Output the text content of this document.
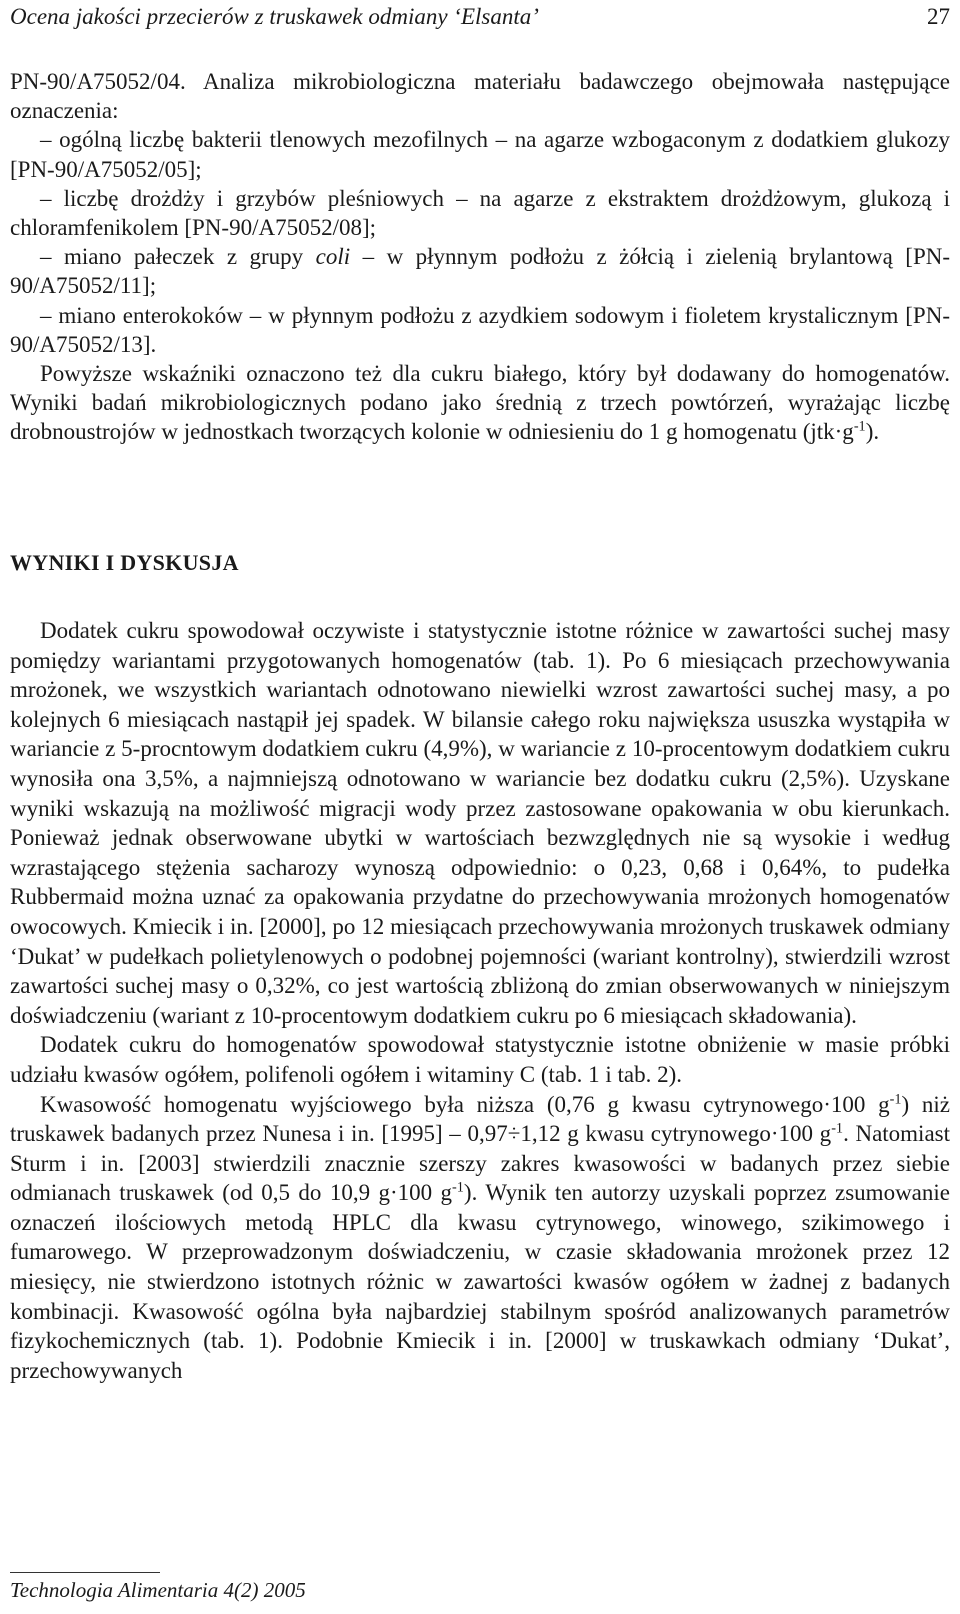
Ocena jakości przecierów z truskawek odmiany ‘Elsanta’	27

PN-90/A75052/04. Analiza mikrobiologiczna materiału badawczego obejmowała następujące oznaczenia:

– ogólną liczbę bakterii tlenowych mezofilnych – na agarze wzbogaconym z dodatkiem glukozy [PN-90/A75052/05];

– liczbę drożdży i grzybów pleśniowych – na agarze z ekstraktem drożdżowym, glukozą i chloramfenikolem [PN-90/A75052/08];

– miano pałeczek z grupy coli – w płynnym podłożu z żółcią i zielenią brylantową [PN-90/A75052/11];

– miano enterokoków – w płynnym podłożu z azydkiem sodowym i fioletem krystalicznym [PN-90/A75052/13].

Powyższe wskaźniki oznaczono też dla cukru białego, który był dodawany do homogenatów. Wyniki badań mikrobiologicznych podano jako średnią z trzech powtórzeń, wyrażając liczbę drobnoustrojów w jednostkach tworzących kolonie w odniesieniu do 1 g homogenatu $(jtk\cdot g^{-1})$.

WYNIKI I DYSKUSJA

Dodatek cukru spowodował oczywiste i statystycznie istotne różnice w zawartości suchej masy pomiędzy wariantami przygotowanych homogenatów (tab. 1). Po 6 miesiącach przechowywania mrożonek, we wszystkich wariantach odnotowano niewielki wzrost zawartości suchej masy, a po kolejnych 6 miesiącach nastąpił jej spadek. W bilansie całego roku największa ususzka wystąpiła w wariancie z 5-procntowym dodatkiem cukru (4,9%), w wariancie z 10-procentowym dodatkiem cukru wynosiła ona 3,5%, a najmniejszą odnotowano w wariancie bez dodatku cukru (2,5%). Uzyskane wyniki wskazują na możliwość migracji wody przez zastosowane opakowania w obu kierunkach. Ponieważ jednak obserwowane ubytki w wartościach bezwzględnych nie są wysokie i według wzrastającego stężenia sacharozy wynoszą odpowiednio: o 0,23, 0,68 i 0,64%, to pudełka Rubbermaid można uznać za opakowania przydatne do przechowywania mrożonych homogenatów owocowych. Kmiecik i in. [2000], po 12 miesiącach przechowywania mrożonych truskawek odmiany ‘Dukat’ w pudełkach polietylenowych o podobnej pojemności (wariant kontrolny), stwierdzili wzrost zawartości suchej masy o 0,32%, co jest wartością zbliżoną do zmian obserwowanych w niniejszym doświadczeniu (wariant z 10-procentowym dodatkiem cukru po 6 miesiącach składowania).

Dodatek cukru do homogenatów spowodował statystycznie istotne obniżenie w masie próbki udziału kwasów ogółem, polifenoli ogółem i witaminy C (tab. 1 i tab. 2).

Kwasowość homogenatu wyjściowego była niższa (0,76 g kwasu cytrynowego·100 $g^{-1}$) niż truskawek badanych przez Nunesa i in. [1995] – 0,97÷1,12 g kwasu cytrynowego·100 $g^{-1}$. Natomiast Sturm i in. [2003] stwierdzili znacznie szerszy zakres kwasowości w badanych przez siebie odmianach truskawek (od 0,5 do 10,9 g·100 $g^{-1}$). Wynik ten autorzy uzyskali poprzez zsumowanie oznaczeń ilościowych metodą HPLC dla kwasu cytrynowego, winowego, szikimowego i fumarowego. W przeprowadzonym doświadczeniu, w czasie składowania mrożonek przez 12 miesięcy, nie stwierdzono istotnych różnic w zawartości kwasów ogółem w żadnej z badanych kombinacji. Kwasowość ogólna była najbardziej stabilnym spośród analizowanych parametrów fizykochemicznych (tab. 1). Podobnie Kmiecik i in. [2000] w truskawkach odmiany ‘Dukat’, przechowywanych

Technologia Alimentaria 4(2) 2005
